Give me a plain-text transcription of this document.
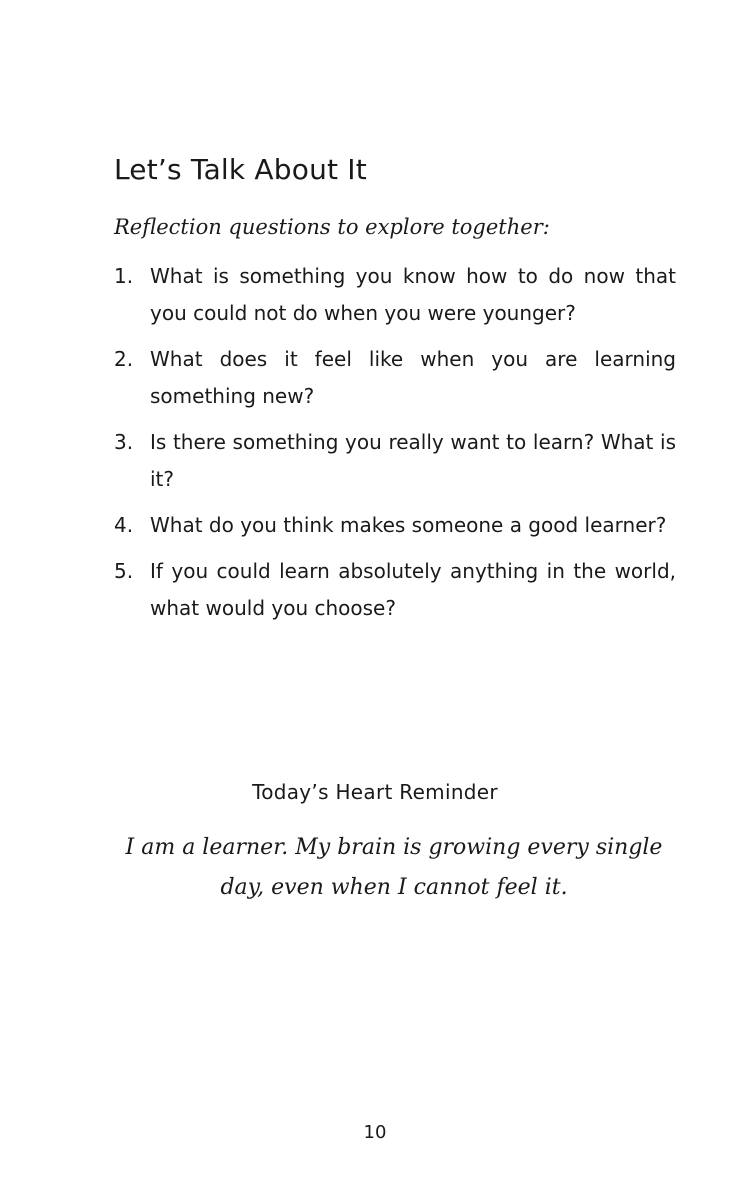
Let’s Talk About It

Reflection questions to explore together:

1. What is something you know how to do now that you could not do when you were younger?
2. What does it feel like when you are learning something new?
3. Is there something you really want to learn? What is it?
4. What do you think makes someone a good learner?
5. If you could learn absolutely anything in the world, what would you choose?
Today’s Heart Reminder

I am a learner. My brain is growing every single day, even when I cannot feel it.

10
